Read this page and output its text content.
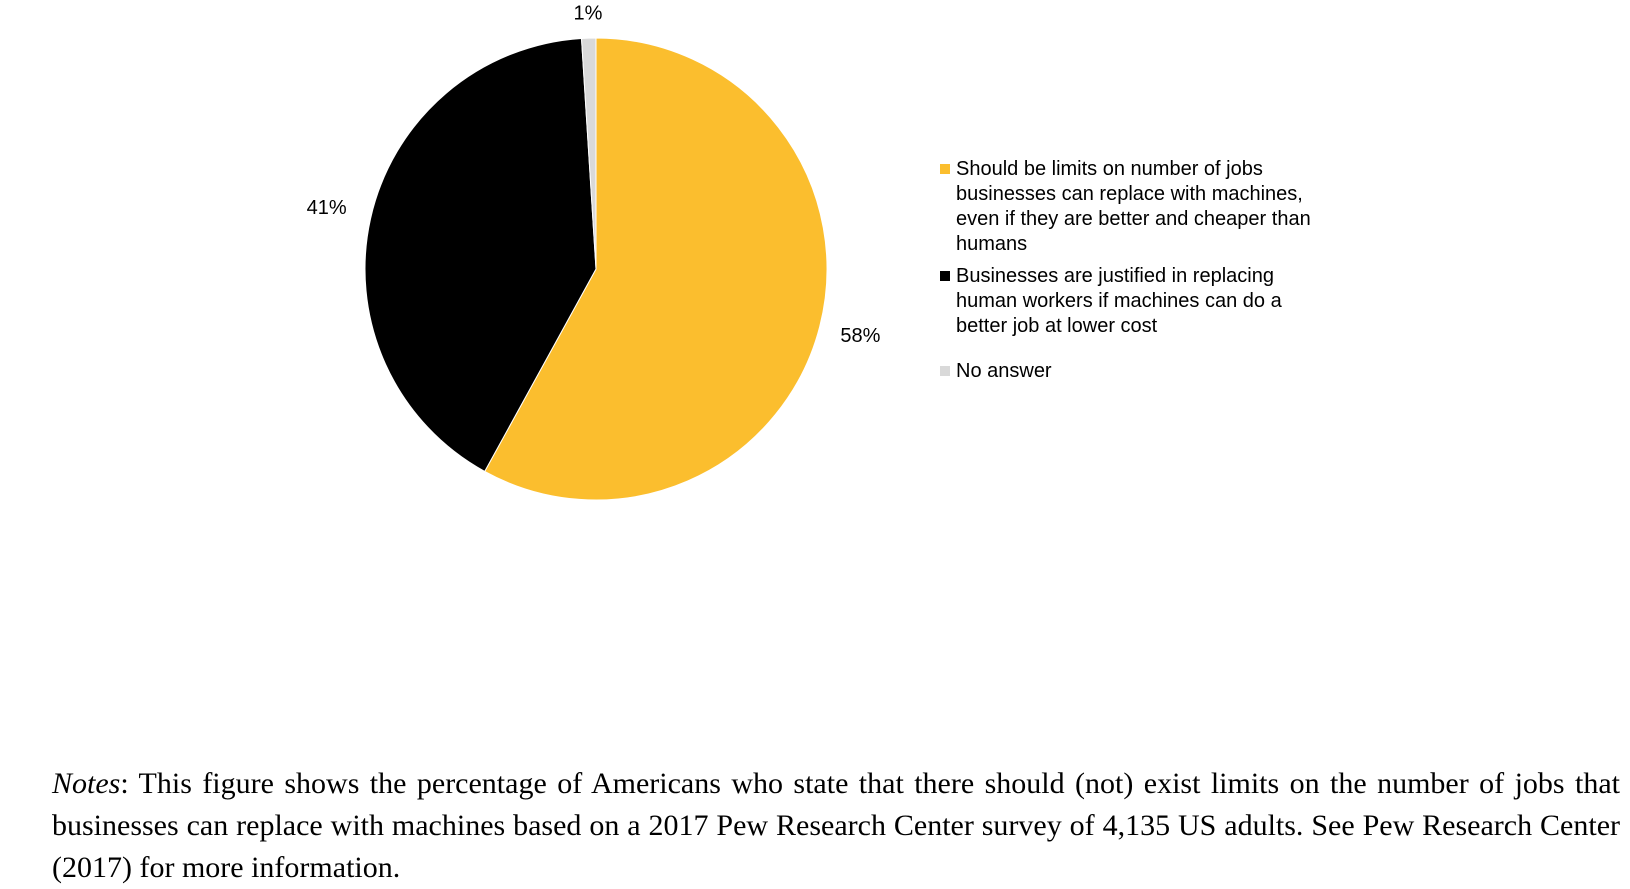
58%
41%
1%
Should be limits on number of jobs businesses can replace with machines, even if they are better and cheaper than humans
Businesses are justified in replacing human workers if machines can do a better job at lower cost
No answer
Notes: This figure shows the percentage of Americans who state that there should (not) exist limits on the number of jobs that businesses can replace with machines based on a 2017 Pew Research Center survey of 4,135 US adults. See Pew Research Center (2017) for more information.
